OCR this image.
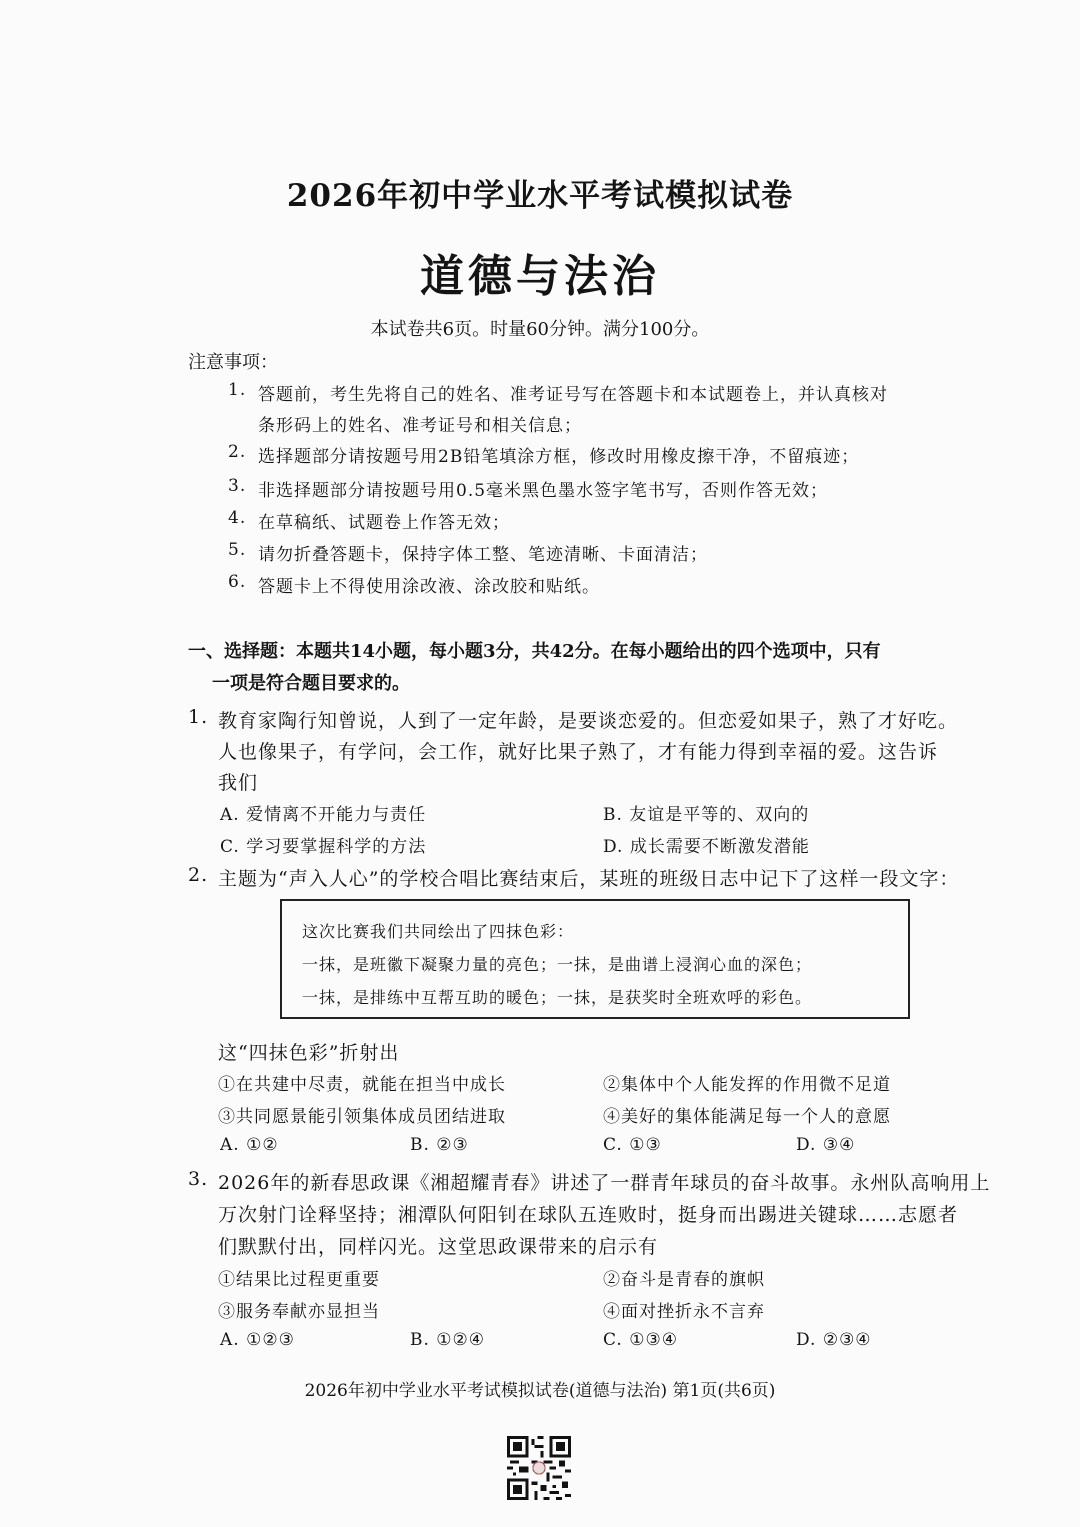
2026年初中学业水平考试模拟试卷
道德与法治
本试卷共6页。时量60分钟。满分100分。
注意事项：
1. 答题前，考生先将自己的姓名、准考证号写在答题卡和本试题卷上，并认真核对
条形码上的姓名、准考证号和相关信息；
2. 选择题部分请按题号用2B铅笔填涂方框，修改时用橡皮擦干净，不留痕迹；
3. 非选择题部分请按题号用0.5毫米黑色墨水签字笔书写，否则作答无效；
4. 在草稿纸、试题卷上作答无效；
5. 请勿折叠答题卡，保持字体工整、笔迹清晰、卡面清洁；
6. 答题卡上不得使用涂改液、涂改胶和贴纸。
一、选择题：本题共14小题，每小题3分，共42分。在每小题给出的四个选项中，只有
一项是符合题目要求的。
1. 教育家陶行知曾说，人到了一定年龄，是要谈恋爱的。但恋爱如果子，熟了才好吃。
人也像果子，有学问，会工作，就好比果子熟了，才有能力得到幸福的爱。这告诉
我们
A. 爱情离不开能力与责任	B. 友谊是平等的、双向的
C. 学习要掌握科学的方法	D. 成长需要不断激发潜能
2. 主题为“声入人心”的学校合唱比赛结束后，某班的班级日志中记下了这样一段文字：
这次比赛我们共同绘出了四抹色彩：
一抹，是班徽下凝聚力量的亮色；一抹，是曲谱上浸润心血的深色；
一抹，是排练中互帮互助的暖色；一抹，是获奖时全班欢呼的彩色。
这“四抹色彩”折射出
①在共建中尽责，就能在担当中成长	②集体中个人能发挥的作用微不足道
③共同愿景能引领集体成员团结进取	④美好的集体能满足每一个人的意愿
A. ①②	B. ②③	C. ①③	D. ③④
3. 2026年的新春思政课《湘超耀青春》讲述了一群青年球员的奋斗故事。永州队高响用上
万次射门诠释坚持；湘潭队何阳钊在球队五连败时，挺身而出踢进关键球……志愿者
们默默付出，同样闪光。这堂思政课带来的启示有
①结果比过程更重要	②奋斗是青春的旗帜
③服务奉献亦显担当	④面对挫折永不言弃
A. ①②③	B. ①②④	C. ①③④	D. ②③④
2026年初中学业水平考试模拟试卷(道德与法治) 第1页(共6页)
